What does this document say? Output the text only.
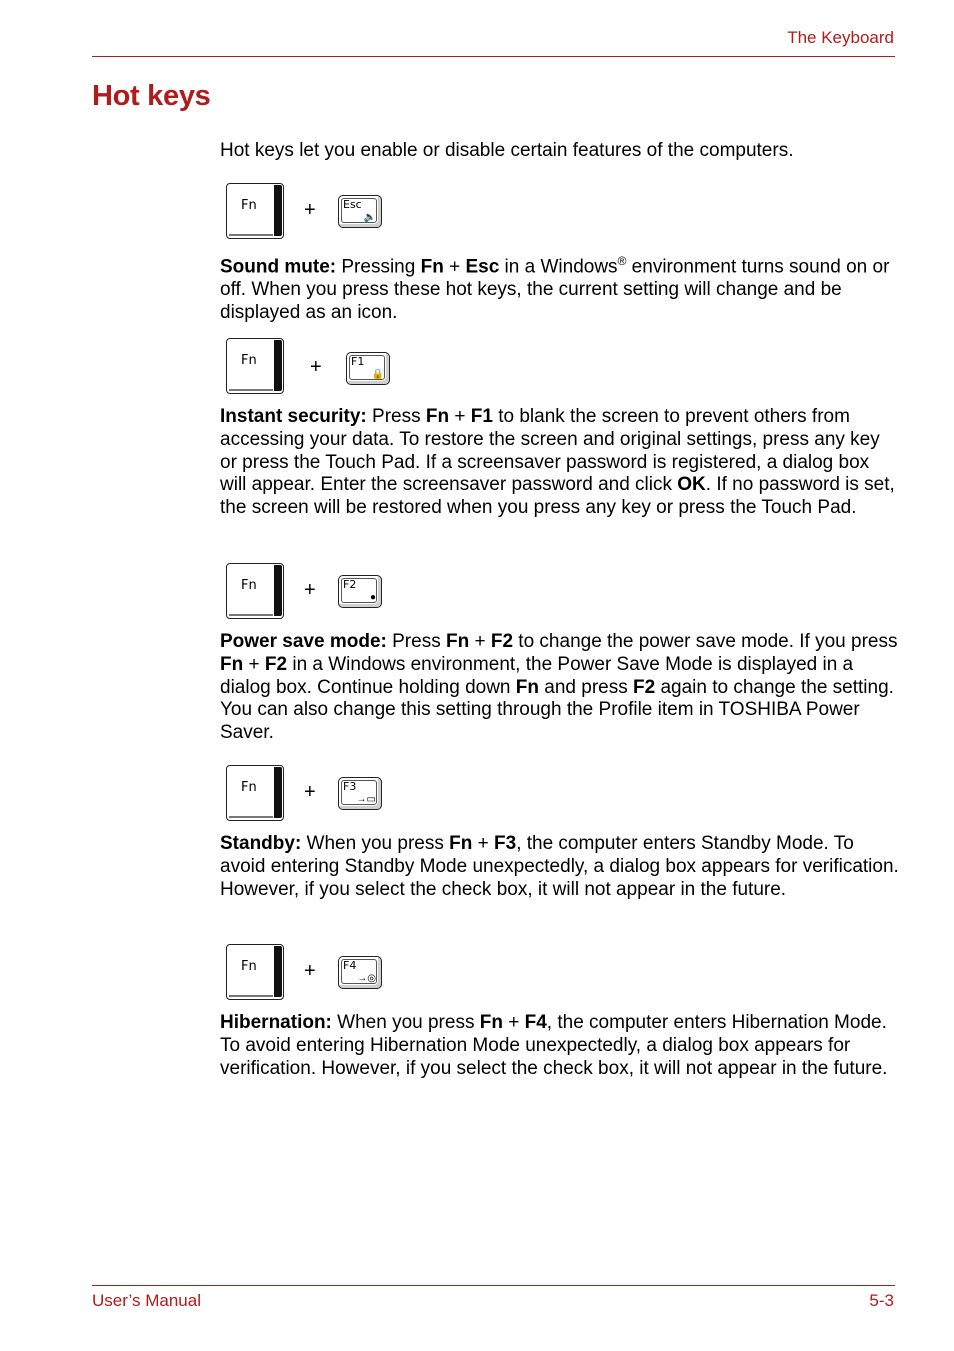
The Keyboard
Hot keys
Hot keys let you enable or disable certain features of the computers.
Fn + Esc
🔈

Sound mute: Pressing Fn + Esc in a Windows® environment turns sound on or off. When you press these hot keys, the current setting will change and be displayed as an icon.

Fn	+	F1
🔒

Instant security: Press Fn + F1 to blank the screen to prevent others from accessing your data. To restore the screen and original settings, press any key or press the Touch Pad. If a screensaver password is registered, a dialog box will appear. Enter the screensaver password and click OK. If no password is set, the screen will be restored when you press any key or press the Touch Pad.

Fn + F2
●

Power save mode: Press Fn + F2 to change the power save mode. If you press Fn + F2 in a Windows environment, the Power Save Mode is displayed in a dialog box. Continue holding down Fn and press F2 again to change the setting. You can also change this setting through the Profile item in TOSHIBA Power Saver.

Fn + F3
→▭

Standby: When you press Fn + F3, the computer enters Standby Mode. To avoid entering Standby Mode unexpectedly, a dialog box appears for verification. However, if you select the check box, it will not appear in the future.

Fn + F4
→◎

Hibernation: When you press Fn + F4, the computer enters Hibernation Mode. To avoid entering Hibernation Mode unexpectedly, a dialog box appears for verification. However, if you select the check box, it will not appear in the future.

User’s Manual	5-3
